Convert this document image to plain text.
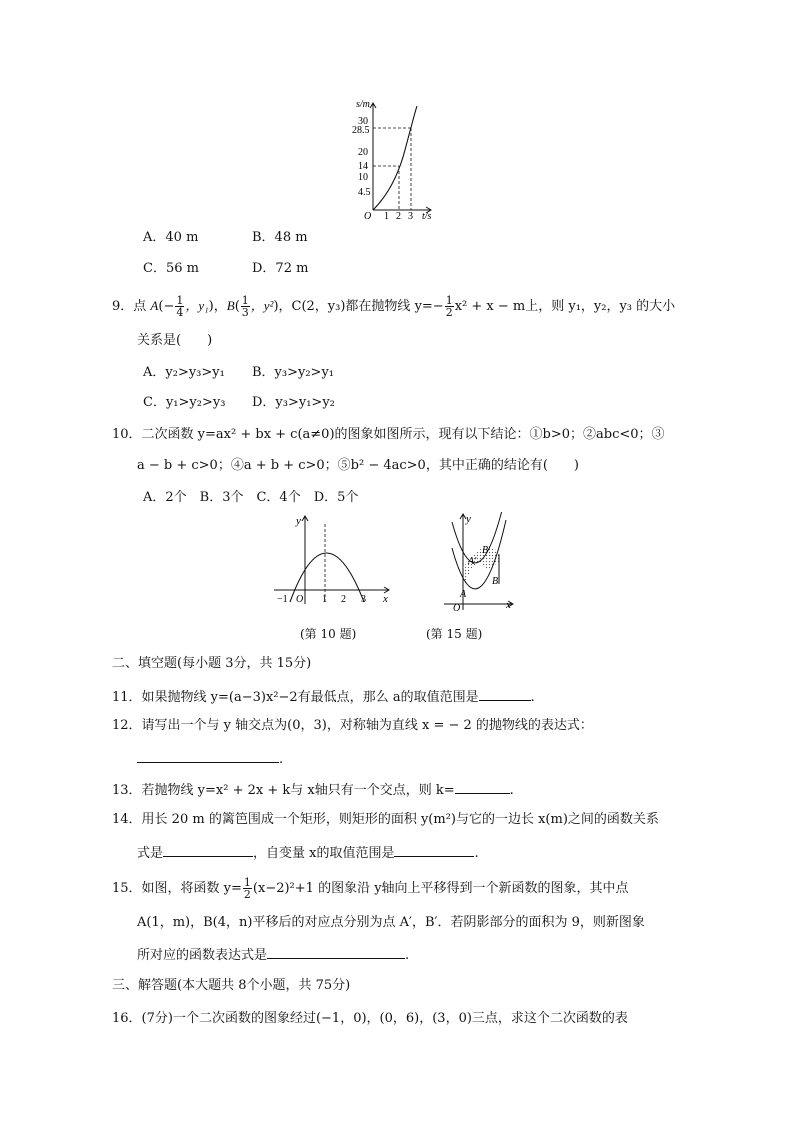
s/m
30
28.5
20
14
10
4.5
O 1 2 3 t/s
A．40 m	B．48 m
C．56 m	D．72 m
9．点 $A(- \frac{1}{4}$ ，y₁)，$B( \frac{1}{3}$ ，y²)，C(2，y₃)都在抛物线 $y=- \frac{1}{2} x^2 + x - m$上，则 y₁，y₂，y₃ 的大小
关系是(　　)
A．y₂>y₃>y₁ B．y₃>y₂>y₁
C．y₁>y₂>y₃ D．y₃>y₁>y₂
10．二次函数 y=ax² + bx + c(a≠0)的图象如图所示，现有以下结论：①b>0；②abc<0；③
a − b + c>0；④a + b + c>0；⑤b² − 4ac>0，其中正确的结论有(　　)
A．2个　B．3个　C．4个　D．5个
y
x
−1 O 1 2 3
(第 10 题)
y
x
O
B′
A′
A
B
(第 15 题)
二、填空题(每小题 3分，共 15分)
11．如果抛物线 y=(a−3)x²−2有最低点，那么 a的取值范围是	.
12．请写出一个与 y 轴交点为(0，3)，对称轴为直线 x = − 2 的抛物线的表达式：
.
13．若抛物线 y=x² + 2x + k与 x轴只有一个交点，则 k=	.
14．用长 20 m 的篱笆围成一个矩形，则矩形的面积 y(m²)与它的一边长 x(m)之间的函数关系
式是	，自变量 x的取值范围是	.
15．如图，将函数 $y= \frac{1}{2} (x-2)^2+1$ 的图象沿 y轴向上平移得到一个新函数的图象，其中点
A(1，m)，B(4，n)平移后的对应点分别为点 A′，B′．若阴影部分的面积为 9，则新图象
所对应的函数表达式是	.
三、解答题(本大题共 8个小题，共 75分)
16．(7分)一个二次函数的图象经过(−1，0)，(0，6)，(3，0)三点，求这个二次函数的表
